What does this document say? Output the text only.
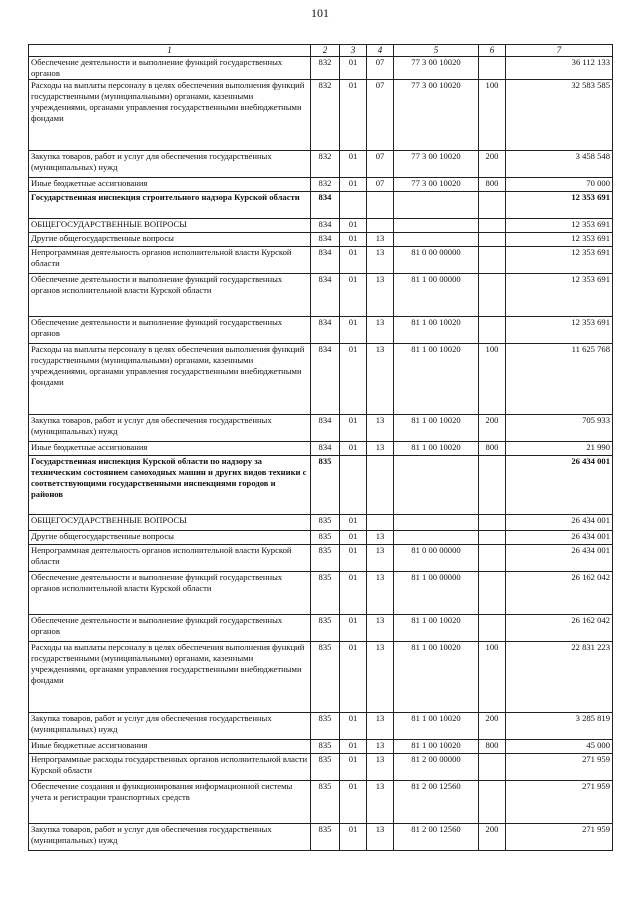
101
1	2	3	4	5	6	7
Обеспечение деятельности и выполнение функций государственных органов	832	01	07	77 3 00 10020		36 112 133
Расходы на выплаты персоналу в целях обеспечения выполнения функций государственными (муниципальными) органами, казенными учреждениями, органами управления государственными внебюджетными фондами	832	01	07	77 3 00 10020	100	32 583 585
Закупка товаров, работ и услуг для обеспечения государственных (муниципальных) нужд	832	01	07	77 3 00 10020	200	3 458 548
Иные бюджетные ассигнования	832	01	07	77 3 00 10020	800	70 000
Государственная инспекция строительного надзора Курской области	834					12 353 691
ОБЩЕГОСУДАРСТВЕННЫЕ ВОПРОСЫ	834	01				12 353 691
Другие общегосударственные вопросы	834	01	13			12 353 691
Непрограммная деятельность органов исполнительной власти Курской области	834	01	13	81 0 00 00000		12 353 691
Обеспечение деятельности и выполнение функций государственных органов исполнительной власти Курской области	834	01	13	81 1 00 00000		12 353 691
Обеспечение деятельности и выполнение функций государственных органов	834	01	13	81 1 00 10020		12 353 691
Расходы на выплаты персоналу в целях обеспечения выполнения функций государственными (муниципальными) органами, казенными учреждениями, органами управления государственными внебюджетными фондами	834	01	13	81 1 00 10020	100	11 625 768
Закупка товаров, работ и услуг для обеспечения государственных (муниципальных) нужд	834	01	13	81 1 00 10020	200	705 933
Иные бюджетные ассигнования	834	01	13	81 1 00 10020	800	21 990
Государственная инспекция Курской области по надзору за техническим состоянием самоходных машин и других видов техники с соответствующими государственными инспекциями городов и районов	835					26 434 001
ОБЩЕГОСУДАРСТВЕННЫЕ ВОПРОСЫ	835	01				26 434 001
Другие общегосударственные вопросы	835	01	13			26 434 001
Непрограммная деятельность органов исполнительной власти Курской области	835	01	13	81 0 00 00000		26 434 001
Обеспечение деятельности и выполнение функций государственных органов исполнительной власти Курской области	835	01	13	81 1 00 00000		26 162 042
Обеспечение деятельности и выполнение функций государственных органов	835	01	13	81 1 00 10020		26 162 042
Расходы на выплаты персоналу в целях обеспечения выполнения функций государственными (муниципальными) органами, казенными учреждениями, органами управления государственными внебюджетными фондами	835	01	13	81 1 00 10020	100	22 831 223
Закупка товаров, работ и услуг для обеспечения государственных (муниципальных) нужд	835	01	13	81 1 00 10020	200	3 285 819
Иные бюджетные ассигнования	835	01	13	81 1 00 10020	800	45 000
Непрограммные расходы государственных органов исполнительной власти Курской области	835	01	13	81 2 00 00000		271 959
Обеспечение создания и функционирования информационной системы учета и регистрации транспортных средств	835	01	13	81 2 00 12560		271 959
Закупка товаров, работ и услуг для обеспечения государственных (муниципальных) нужд	835	01	13	81 2 00 12560	200	271 959
